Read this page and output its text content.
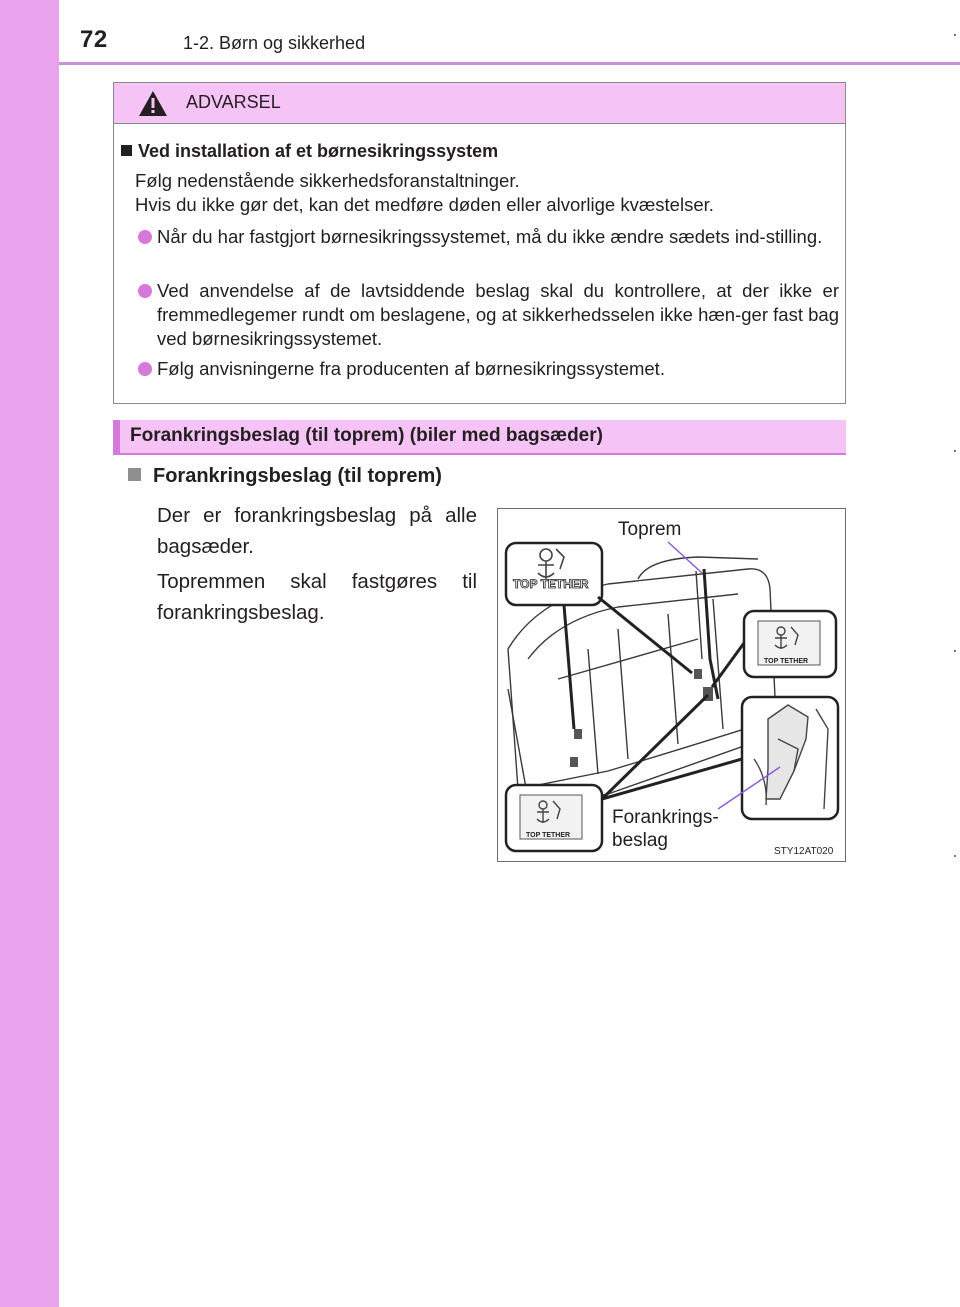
72	1-2. Børn og sikkerhed
ADVARSEL
Ved installation af et børnesikringssystem
Følg nedenstående sikkerhedsforanstaltninger.
Hvis du ikke gør det, kan det medføre døden eller alvorlige kvæstelser.
Når du har fastgjort børnesikringssystemet, må du ikke ændre sædets ind-stilling.
Ved anvendelse af de lavtsiddende beslag skal du kontrollere, at der ikke er fremmedlegemer rundt om beslagene, og at sikkerhedsselen ikke hæn-ger fast bag ved børnesikringssystemet.
Følg anvisningerne fra producenten af børnesikringssystemet.
Forankringsbeslag (til toprem) (biler med bagsæder)
Forankringsbeslag (til toprem)
Der er forankringsbeslag på alle bagsæder.
Topremmen skal fastgøres til forankringsbeslag.
TOP TETHER
TOP TETHER
TOP TETHER
Toprem
Forankrings-
beslag
STY12AT020
